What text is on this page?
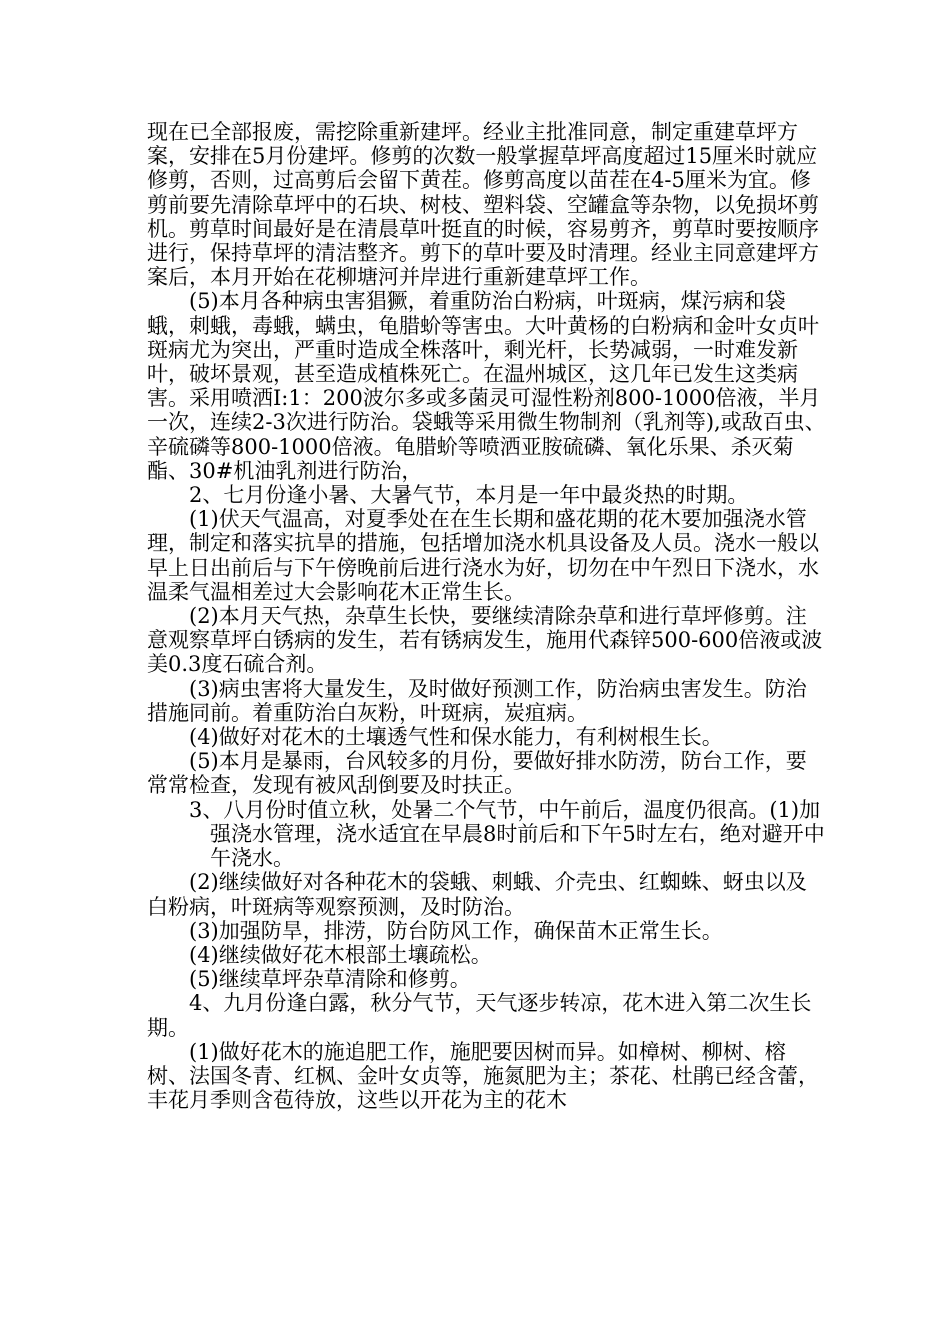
现在已全部报废，需挖除重新建坪。经业主批准同意，制定重建草坪方案，安排在5月份建坪。修剪的次数一般掌握草坪高度超过15厘米时就应修剪，否则，过高剪后会留下黄茬。修剪高度以苗茬在4-5厘米为宜。修剪前要先清除草坪中的石块、树枝、塑料袋、空罐盒等杂物，以免损坏剪机。剪草时间最好是在清晨草叶挺直的时候，容易剪齐，剪草时要按顺序进行，保持草坪的清洁整齐。剪下的草叶要及时清理。经业主同意建坪方案后，本月开始在花柳塘河并岸进行重新建草坪工作。

(5)本月各种病虫害猖獗，着重防治白粉病，叶斑病，煤污病和袋蛾，刺蛾，毒蛾，螨虫，龟腊蚧等害虫。大叶黄杨的白粉病和金叶女贞叶斑病尤为突出，严重时造成全株落叶，剩光杆，长势减弱，一时难发新叶，破坏景观，甚至造成植株死亡。在温州城区，这几年已发生这类病害。采用喷洒I:1：200波尔多或多菌灵可湿性粉剂800-1000倍液，半月一次，连续2-3次进行防治。袋蛾等采用微生物制剂（乳剂等),或敌百虫、辛硫磷等800-1000倍液。龟腊蚧等喷洒亚胺硫磷、氧化乐果、杀灭菊酯、30#机油乳剂进行防治，

2、七月份逢小暑、大暑气节，本月是一年中最炎热的时期。

(1)伏天气温高，对夏季处在在生长期和盛花期的花木要加强浇水管理，制定和落实抗旱的措施，包括增加浇水机具设备及人员。浇水一般以早上日出前后与下午傍晚前后进行浇水为好，切勿在中午烈日下浇水，水温柔气温相差过大会影响花木正常生长。

(2)本月天气热，杂草生长快，要继续清除杂草和进行草坪修剪。注意观察草坪白锈病的发生，若有锈病发生，施用代森锌500-600倍液或波美0.3度石硫合剂。

(3)病虫害将大量发生，及时做好预测工作，防治病虫害发生。防治措施同前。着重防治白灰粉，叶斑病，炭疽病。

(4)做好对花木的土壤透气性和保水能力，有利树根生长。

(5)本月是暴雨，台风较多的月份，要做好排水防涝，防台工作，要常常检查，发现有被风刮倒要及时扶正。

3、八月份时值立秋，处暑二个气节，中午前后，温度仍很高。(1)加强浇水管理，浇水适宜在早晨8时前后和下午5时左右，绝对避开中午浇水。

(2)继续做好对各种花木的袋蛾、刺蛾、介壳虫、红蜘蛛、蚜虫以及白粉病，叶斑病等观察预测，及时防治。

(3)加强防旱，排涝，防台防风工作，确保苗木正常生长。

(4)继续做好花木根部土壤疏松。

(5)继续草坪杂草清除和修剪。

4、九月份逢白露，秋分气节，天气逐步转凉，花木进入第二次生长期。

(1)做好花木的施追肥工作，施肥要因树而异。如樟树、柳树、榕树、法国冬青、红枫、金叶女贞等，施氮肥为主；茶花、杜鹃已经含蕾，丰花月季则含苞待放，这些以开花为主的花木
